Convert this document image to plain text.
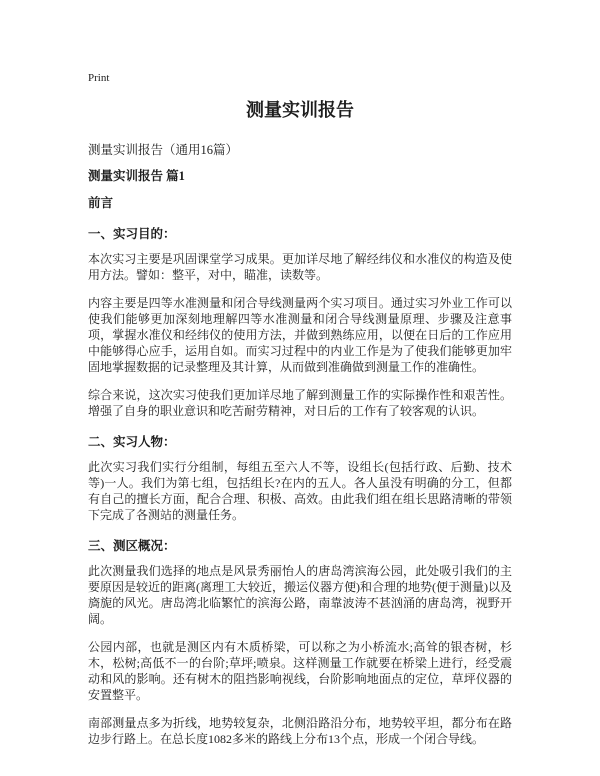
Print
测量实训报告

测量实训报告（通用16篇）

测量实训报告 篇1
前言
一、实习目的：

本次实习主要是巩固课堂学习成果。更加详尽地了解经纬仪和水准仪的构造及使用方法。譬如：整平，对中，瞄准，读数等。

内容主要是四等水准测量和闭合导线测量两个实习项目。通过实习外业工作可以使我们能够更加深刻地理解四等水准测量和闭合导线测量原理、步骤及注意事项，掌握水准仪和经纬仪的使用方法，并做到熟练应用，以便在日后的工作应用中能够得心应手，运用自如。而实习过程中的内业工作是为了使我们能够更加牢固地掌握数据的记录整理及其计算，从而做到准确做到测量工作的准确性。

综合来说，这次实习使我们更加详尽地了解到测量工作的实际操作性和艰苦性。增强了自身的职业意识和吃苦耐劳精神，对日后的工作有了较客观的认识。

二、实习人物：

此次实习我们实行分组制，每组五至六人不等，设组长(包括行政、后勤、技术等)一人。我们为第七组，包括组长?在内的五人。各人虽没有明确的分工，但都有自己的擅长方面，配合合理、积极、高效。由此我们组在组长思路清晰的带领下完成了各测站的测量任务。

三、测区概况：

此次测量我们选择的地点是风景秀丽怡人的唐岛湾滨海公园，此处吸引我们的主要原因是较近的距离(离理工大较近，搬运仪器方便)和合理的地势(便于测量)以及旖旎的风光。唐岛湾北临繁忙的滨海公路，南靠波涛不甚汹涌的唐岛湾，视野开阔。

公园内部，也就是测区内有木质桥梁，可以称之为小桥流水;高耸的银杏树，杉木，松树;高低不一的台阶;草坪;喷泉。这样测量工作就要在桥梁上进行，经受震动和风的影响。还有树木的阻挡影响视线，台阶影响地面点的定位，草坪仪器的安置整平。

南部测量点多为折线，地势较复杂，北侧沿路沿分布，地势较平坦，都分布在路边步行路上。在总长度1082多米的路线上分布13个点，形成一个闭合导线。
